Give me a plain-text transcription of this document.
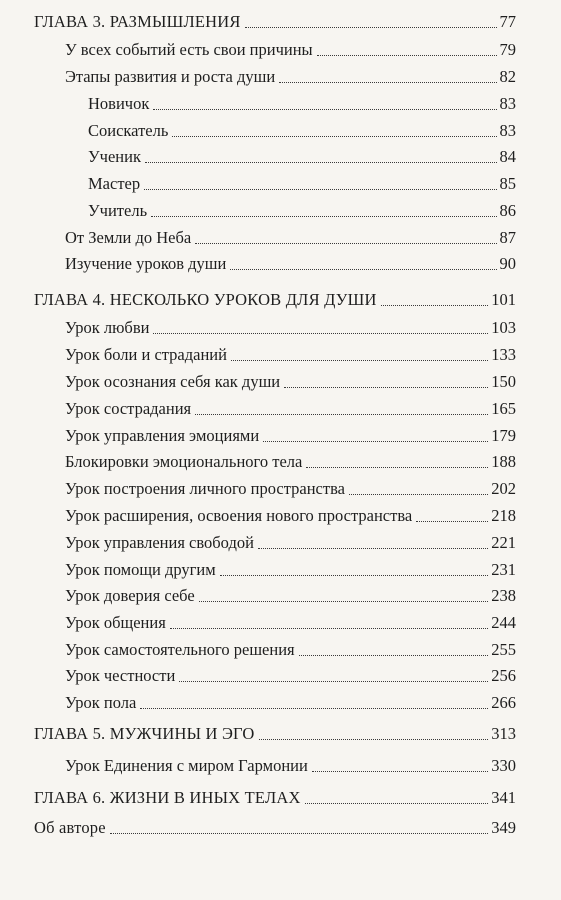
ГЛАВА 3. РАЗМЫШЛЕНИЯ	77
У всех событий есть свои причины	79
Этапы развития и роста души	82
Новичок	83
Соискатель	83
Ученик	84
Мастер	85
Учитель	86
От Земли до Неба	87
Изучение уроков души	90
ГЛАВА 4. НЕСКОЛЬКО УРОКОВ ДЛЯ ДУШИ	101
Урок любви	103
Урок боли и страданий	133
Урок осознания себя как души	150
Урок сострадания	165
Урок управления эмоциями	179
Блокировки эмоционального тела	188
Урок построения личного пространства	202
Урок расширения, освоения нового пространства	218
Урок управления свободой	221
Урок помощи другим	231
Урок доверия себе	238
Урок общения	244
Урок самостоятельного решения	255
Урок честности	256
Урок пола	266
ГЛАВА 5. МУЖЧИНЫ И ЭГО	313
Урок Единения с миром Гармонии	330
ГЛАВА 6. ЖИЗНИ В ИНЫХ ТЕЛАХ	341
Об авторе	349
